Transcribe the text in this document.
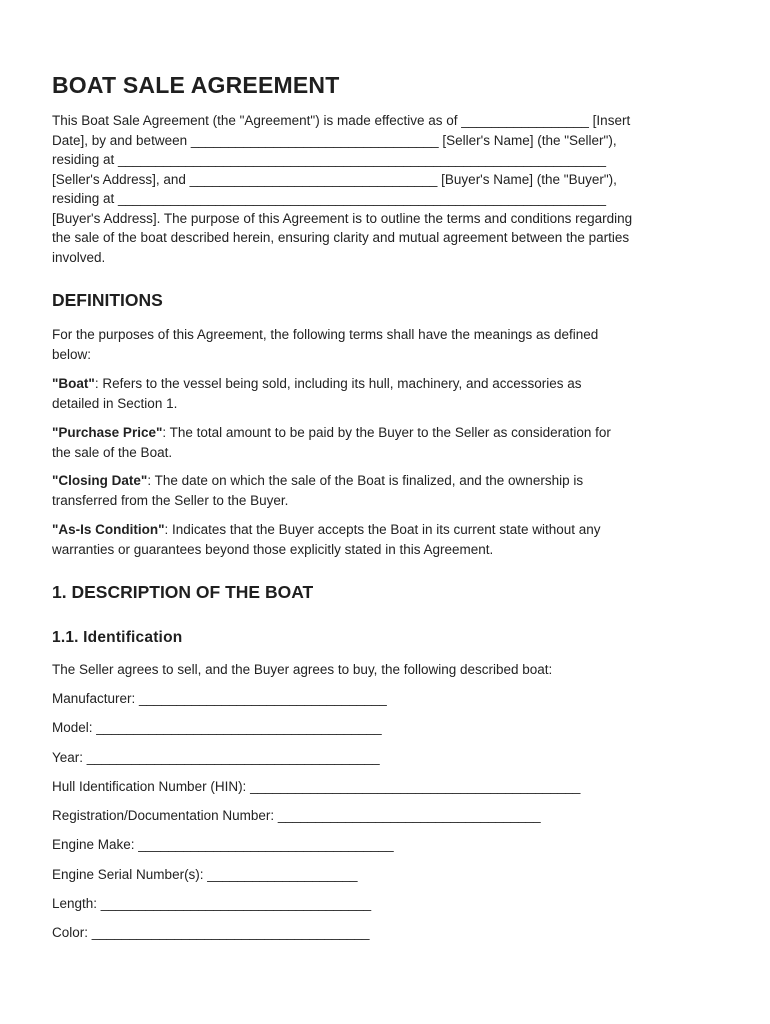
BOAT SALE AGREEMENT

This Boat Sale Agreement (the "Agreement") is made effective as of _________________ [Insert
Date], by and between _________________________________ [Seller's Name] (the "Seller"),
residing at _________________________________________________________________
[Seller's Address], and _________________________________ [Buyer's Name] (the "Buyer"),
residing at _________________________________________________________________
[Buyer's Address]. The purpose of this Agreement is to outline the terms and conditions regarding
the sale of the boat described herein, ensuring clarity and mutual agreement between the parties
involved.

DEFINITIONS

For the purposes of this Agreement, the following terms shall have the meanings as defined
below:

"Boat": Refers to the vessel being sold, including its hull, machinery, and accessories as
detailed in Section 1.

"Purchase Price": The total amount to be paid by the Buyer to the Seller as consideration for
the sale of the Boat.

"Closing Date": The date on which the sale of the Boat is finalized, and the ownership is
transferred from the Seller to the Buyer.

"As-Is Condition": Indicates that the Buyer accepts the Boat in its current state without any
warranties or guarantees beyond those explicitly stated in this Agreement.

1. DESCRIPTION OF THE BOAT
1.1. Identification

The Seller agrees to sell, and the Buyer agrees to buy, the following described boat:

Manufacturer: _________________________________

Model: ______________________________________

Year: _______________________________________

Hull Identification Number (HIN): ____________________________________________

Registration/Documentation Number: ___________________________________

Engine Make: __________________________________

Engine Serial Number(s): ____________________

Length: ____________________________________

Color: _____________________________________
